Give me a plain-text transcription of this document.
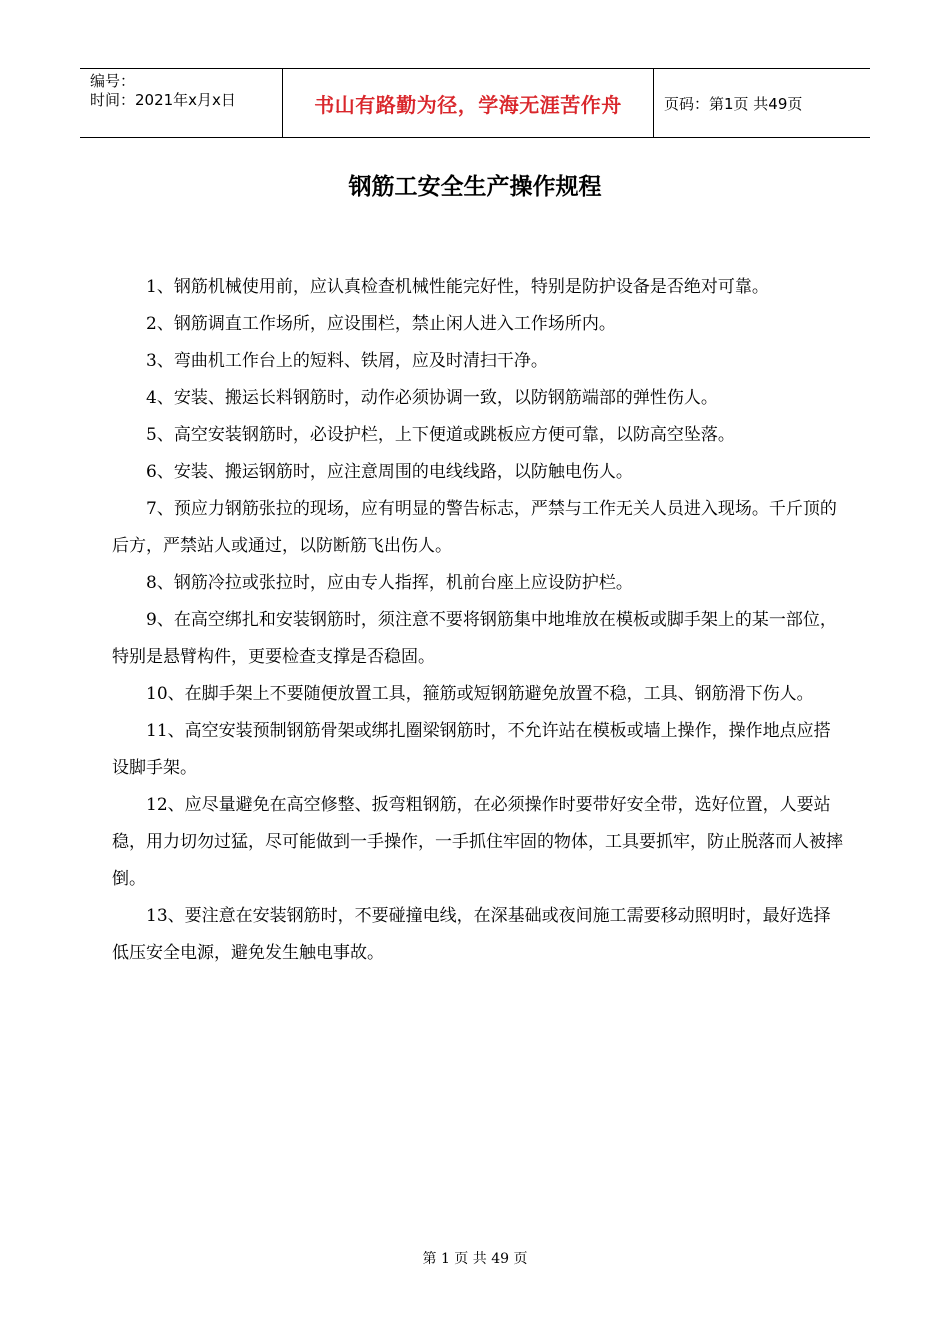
编号：
时间：2021年x月x日	书山有路勤为径，学海无涯苦作舟	页码：第1页 共49页
钢筋工安全生产操作规程

1、钢筋机械使用前，应认真检查机械性能完好性，特别是防护设备是否绝对可靠。

2、钢筋调直工作场所，应设围栏，禁止闲人进入工作场所内。

3、弯曲机工作台上的短料、铁屑，应及时清扫干净。

4、安装、搬运长料钢筋时，动作必须协调一致，以防钢筋端部的弹性伤人。

5、高空安装钢筋时，必设护栏，上下便道或跳板应方便可靠，以防高空坠落。

6、安装、搬运钢筋时，应注意周围的电线线路，以防触电伤人。

7、预应力钢筋张拉的现场，应有明显的警告标志，严禁与工作无关人员进入现场。千斤顶的后方，严禁站人或通过，以防断筋飞出伤人。

8、钢筋冷拉或张拉时，应由专人指挥，机前台座上应设防护栏。

9、在高空绑扎和安装钢筋时，须注意不要将钢筋集中地堆放在模板或脚手架上的某一部位，特别是悬臂构件，更要检查支撑是否稳固。

10、在脚手架上不要随便放置工具，箍筋或短钢筋避免放置不稳，工具、钢筋滑下伤人。

11、高空安装预制钢筋骨架或绑扎圈梁钢筋时，不允许站在模板或墙上操作，操作地点应搭设脚手架。

12、应尽量避免在高空修整、扳弯粗钢筋，在必须操作时要带好安全带，选好位置，人要站稳，用力切勿过猛，尽可能做到一手操作，一手抓住牢固的物体，工具要抓牢，防止脱落而人被摔倒。

13、要注意在安装钢筋时，不要碰撞电线，在深基础或夜间施工需要移动照明时，最好选择低压安全电源，避免发生触电事故。

第 1 页 共 49 页
